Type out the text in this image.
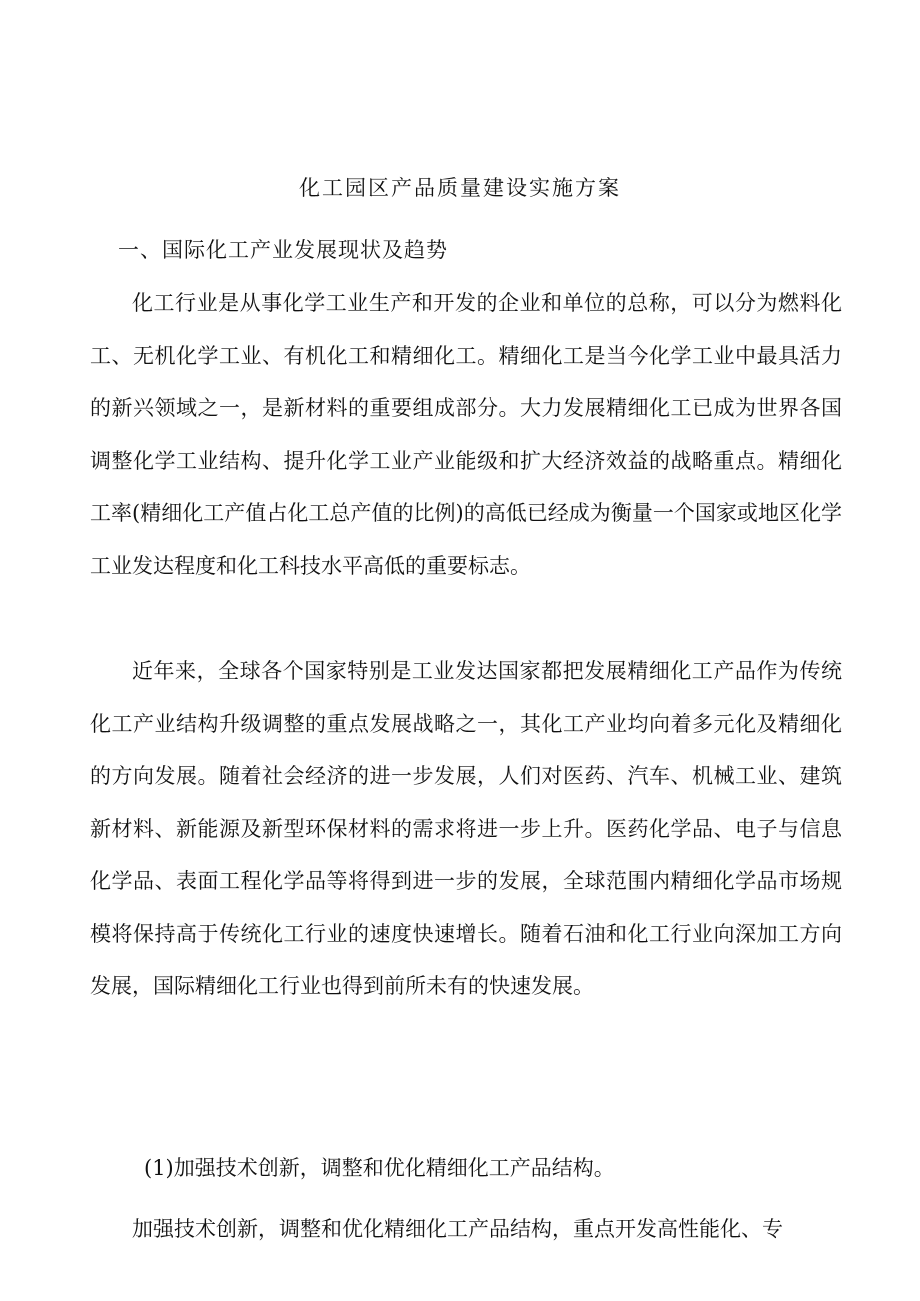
化工园区产品质量建设实施方案
一、国际化工产业发展现状及趋势

化工行业是从事化学工业生产和开发的企业和单位的总称，可以分为燃料化工、无机化学工业、有机化工和精细化工。精细化工是当今化学工业中最具活力的新兴领域之一，是新材料的重要组成部分。大力发展精细化工已成为世界各国调整化学工业结构、提升化学工业产业能级和扩大经济效益的战略重点。精细化工率(精细化工产值占化工总产值的比例)的高低已经成为衡量一个国家或地区化学工业发达程度和化工科技水平高低的重要标志。

近年来，全球各个国家特别是工业发达国家都把发展精细化工产品作为传统化工产业结构升级调整的重点发展战略之一，其化工产业均向着多元化及精细化的方向发展。随着社会经济的进一步发展，人们对医药、汽车、机械工业、建筑新材料、新能源及新型环保材料的需求将进一步上升。医药化学品、电子与信息化学品、表面工程化学品等将得到进一步的发展，全球范围内精细化学品市场规模将保持高于传统化工行业的速度快速增长。随着石油和化工行业向深加工方向发展，国际精细化工行业也得到前所未有的快速发展。

(1)加强技术创新，调整和优化精细化工产品结构。

加强技术创新，调整和优化精细化工产品结构，重点开发高性能化、专
